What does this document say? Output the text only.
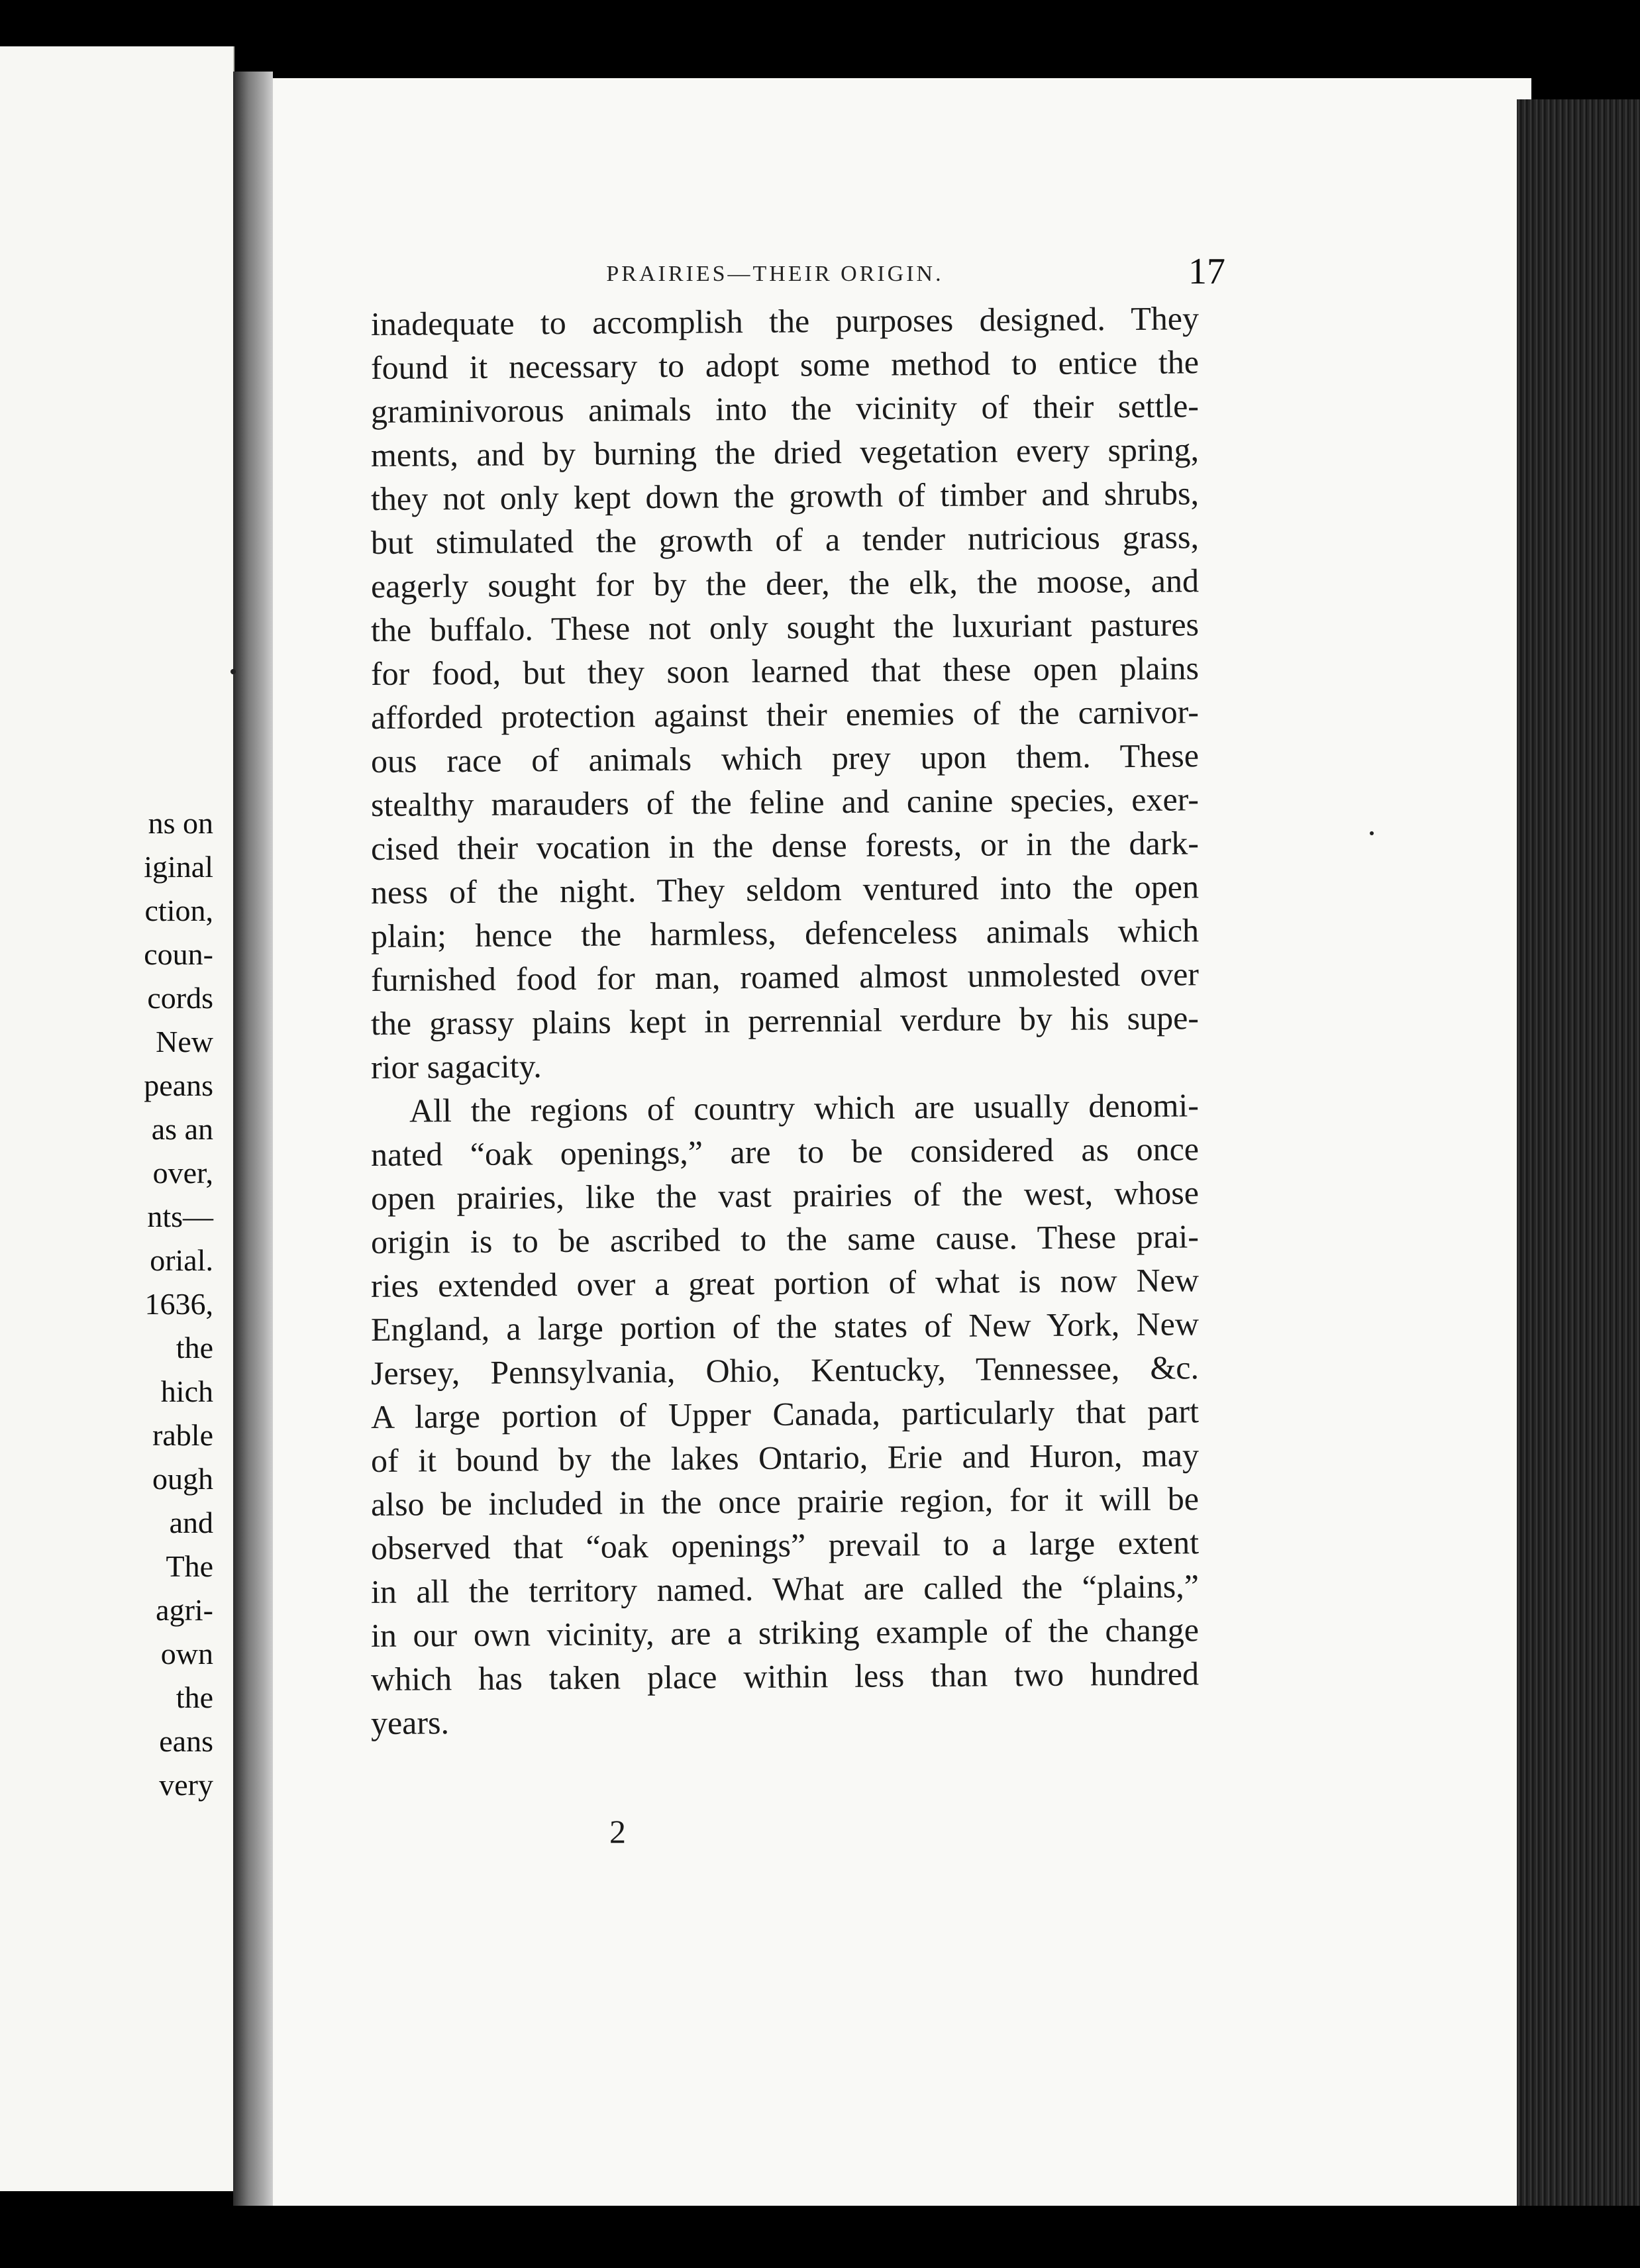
ns on
iginal
ction,
coun-
cords
New
peans
as an
over,
nts—
orial.
1636,
the
hich
rable
ough
and
The
agri-
own
the
eans
very
PRAIRIES—THEIR ORIGIN.	17
inadequate to accomplish the purposes designed. They
found it necessary to adopt some method to entice the
graminivorous animals into the vicinity of their settle-
ments, and by burning the dried vegetation every spring,
they not only kept down the growth of timber and shrubs,
but stimulated the growth of a tender nutricious grass,
eagerly sought for by the deer, the elk, the moose, and
the buffalo. These not only sought the luxuriant pastures
for food, but they soon learned that these open plains
afforded protection against their enemies of the carnivor-
ous race of animals which prey upon them. These
stealthy marauders of the feline and canine species, exer-
cised their vocation in the dense forests, or in the dark-
ness of the night. They seldom ventured into the open
plain; hence the harmless, defenceless animals which
furnished food for man, roamed almost unmolested over
the grassy plains kept in perrennial verdure by his supe-
rior sagacity.
All the regions of country which are usually denomi-
nated “oak openings,” are to be considered as once
open prairies, like the vast prairies of the west, whose
origin is to be ascribed to the same cause. These prai-
ries extended over a great portion of what is now New
England, a large portion of the states of New York, New
Jersey, Pennsylvania, Ohio, Kentucky, Tennessee, &c.
A large portion of Upper Canada, particularly that part
of it bound by the lakes Ontario, Erie and Huron, may
also be included in the once prairie region, for it will be
observed that “oak openings” prevail to a large extent
in all the territory named. What are called the “plains,”
in our own vicinity, are a striking example of the change
which has taken place within less than two hundred
years.
2
